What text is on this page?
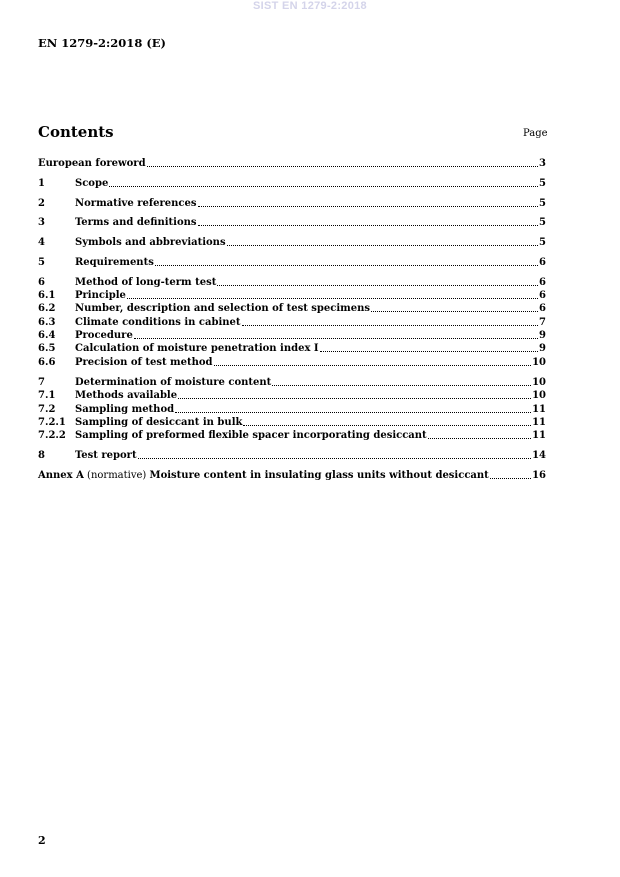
SIST EN 1279-2:2018
EN 1279-2:2018 (E)
Contents	Page
European foreword	3
1	Scope	5
2	Normative references	5
3	Terms and definitions	5
4	Symbols and abbreviations	5
5	Requirements	6
6	Method of long-term test	6
6.1	Principle	6
6.2	Number, description and selection of test specimens	6
6.3	Climate conditions in cabinet	7
6.4	Procedure	9
6.5	Calculation of moisture penetration index I	9
6.6	Precision of test method	10
7	Determination of moisture content	10
7.1	Methods available	10
7.2	Sampling method	11
7.2.1 Sampling of desiccant in bulk	11
7.2.2 Sampling of preformed flexible spacer incorporating desiccant	11
8	Test report	14
Annex A (normative) Moisture content in insulating glass units without desiccant	16
2
